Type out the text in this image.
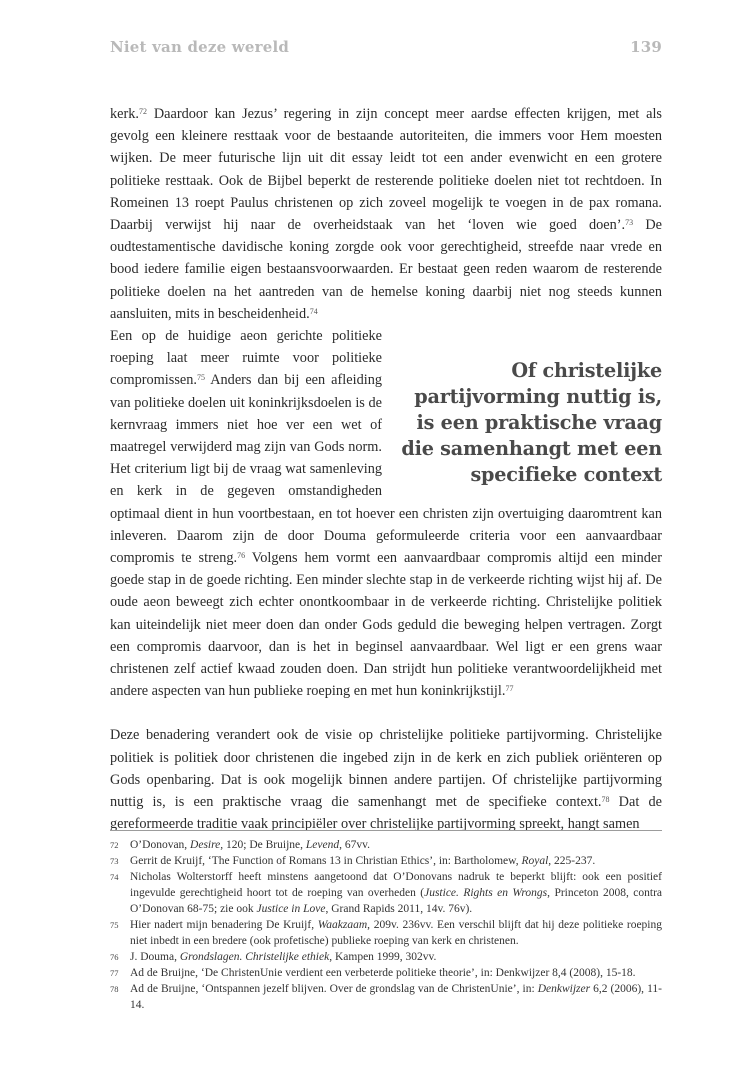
Niet van deze wereld	139

kerk.$^{72}$ Daardoor kan Jezus’ regering in zijn concept meer aardse effecten krijgen, met als gevolg een kleinere resttaak voor de bestaande autoriteiten, die immers voor Hem moesten wijken. De meer futurische lijn uit dit essay leidt tot een ander evenwicht en een grotere politieke resttaak. Ook de Bijbel beperkt de resterende politieke doelen niet tot rechtdoen. In Romeinen 13 roept Paulus christenen op zich zoveel mogelijk te voegen in de pax romana. Daarbij verwijst hij naar de overheidstaak van het ‘loven wie goed doen’.$^{73}$ De oudtestamentische davidische koning zorgde ook voor gerechtigheid, streefde naar vrede en bood iedere familie eigen bestaansvoorwaarden. Er bestaat geen reden waarom de resterende politieke doelen na het aantreden van de hemelse koning daarbij niet nog steeds kunnen aansluiten, mits in bescheidenheid.$^{74}$

Of christelijke partijvorming nuttig is, is een praktische vraag die samenhangt met een specifieke context

Een op de huidige aeon gerichte politieke roeping laat meer ruimte voor politieke compromissen.$^{75}$ Anders dan bij een afleiding van politieke doelen uit koninkrijksdoelen is de kernvraag immers niet hoe ver een wet of maatregel verwijderd mag zijn van Gods norm. Het criterium ligt bij de vraag wat samenleving en kerk in de gegeven omstandigheden optimaal dient in hun voortbestaan, en tot hoever een christen zijn overtuiging daaromtrent kan inleveren. Daarom zijn de door Douma geformuleerde criteria voor een aanvaardbaar compromis te streng.$^{76}$ Volgens hem vormt een aanvaardbaar compromis altijd een minder goede stap in de goede richting. Een minder slechte stap in de verkeerde richting wijst hij af. De oude aeon beweegt zich echter onontkoombaar in de verkeerde richting. Christelijke politiek kan uiteindelijk niet meer doen dan onder Gods geduld die beweging helpen vertragen. Zorgt een compromis daarvoor, dan is het in beginsel aanvaardbaar. Wel ligt er een grens waar christenen zelf actief kwaad zouden doen. Dan strijdt hun politieke verantwoordelijkheid met andere aspecten van hun publieke roeping en met hun koninkrijkstijl.$^{77}$

Deze benadering verandert ook de visie op christelijke politieke partijvorming. Christelijke politiek is politiek door christenen die ingebed zijn in de kerk en zich publiek oriënteren op Gods openbaring. Dat is ook mogelijk binnen andere partijen. Of christelijke partijvorming nuttig is, is een praktische vraag die samenhangt met de specifieke context.$^{78}$ Dat de gereformeerde traditie vaak principiëler over christelijke partijvorming spreekt, hangt samen

72	O’Donovan, Desire, 120; De Bruijne, Levend, 67vv.
73	Gerrit de Kruijf, ‘The Function of Romans 13 in Christian Ethics’, in: Bartholomew, Royal, 225-237.
74	Nicholas Wolterstorff heeft minstens aangetoond dat O’Donovans nadruk te beperkt blijft: ook een positief ingevulde gerechtigheid hoort tot de roeping van overheden (Justice. Rights en Wrongs, Princeton 2008, contra O’Donovan 68-75; zie ook Justice in Love, Grand Rapids 2011, 14v. 76v).
75	Hier nadert mijn benadering De Kruijf, Waakzaam, 209v. 236vv. Een verschil blijft dat hij deze politieke roeping niet inbedt in een bredere (ook profetische) publieke roeping van kerk en christenen.
76	J. Douma, Grondslagen. Christelijke ethiek, Kampen 1999, 302vv.
77	Ad de Bruijne, ‘De ChristenUnie verdient een verbeterde politieke theorie’, in: Denkwijzer 8,4 (2008), 15-18.
78	Ad de Bruijne, ‘Ontspannen jezelf blijven. Over de grondslag van de ChristenUnie’, in: Denkwijzer 6,2 (2006), 11-14.
